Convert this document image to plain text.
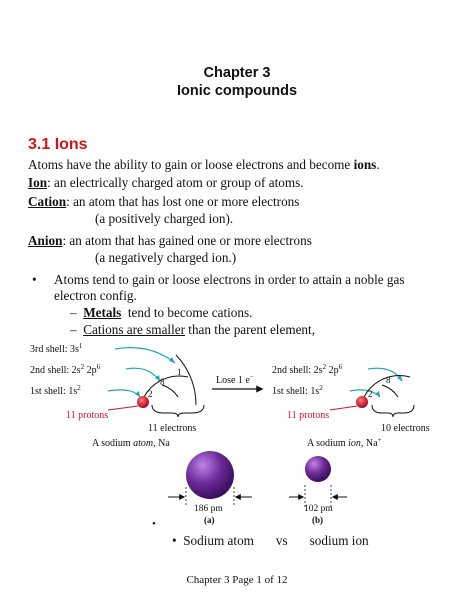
Chapter 3
Ionic compounds
3.1 Ions
Atoms have the ability to gain or loose electrons and become ions.
Ion: an electrically charged atom or group of atoms.
Cation: an atom that has lost one or more electrons
(a positively charged ion).
Anion: an atom that has gained one or more electrons
(a negatively charged ion.)
• Atoms tend to gain or loose electrons in order to attain a noble gas
electron config.
– Metals  tend to become cations.
– Cations are smaller than the parent element,
3rd shell: $3s^1$
2nd shell: $2s^2$ $2p^6$
1st shell: $1s^2$
1
8
2
11 protons
11 electrons
A sodium atom, Na
Lose 1 e−
2nd shell: $2s^2$ $2p^6$
1st shell: $1s^2$
8
2
11 protons
10 electrons
A sodium ion, Na+
186 pm
(a)
102 pm
(b)
•
• Sodium atom vs sodium ion
Chapter 3 Page 1 of 12
